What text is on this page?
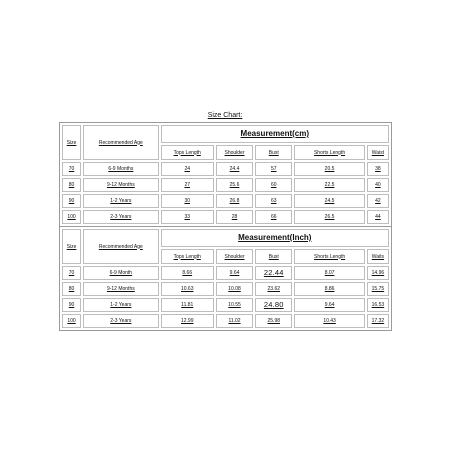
Size Chart:
Size	Recommended Age	Measurement(cm)				
		Tops Length	Shoulder	Bust	Shorts Length	Waist
70	6-9 Months	24	24.4	57	20.5	38
80	9-12 Months	27	25.6	60	22.5	40
90	1-2 Years	30	26.8	63	24.5	42
100	2-3 Years	33	28	66	26.5	44
Size	Recommended Age	Measurement(Inch)				
		Tops Length	Shoulder	Bust	Shorts Length	Waits
70	6-9 Month	8.66	9.64	22.44	8.07	14.96
80	9-12 Months	10.63	10.08	23.62	8.86	15.75
90	1-2 Years	11.81	10.55	24.80	9.64	16.53
100	2-3 Years	12.99	11.02	25.98	10.43	17.32
